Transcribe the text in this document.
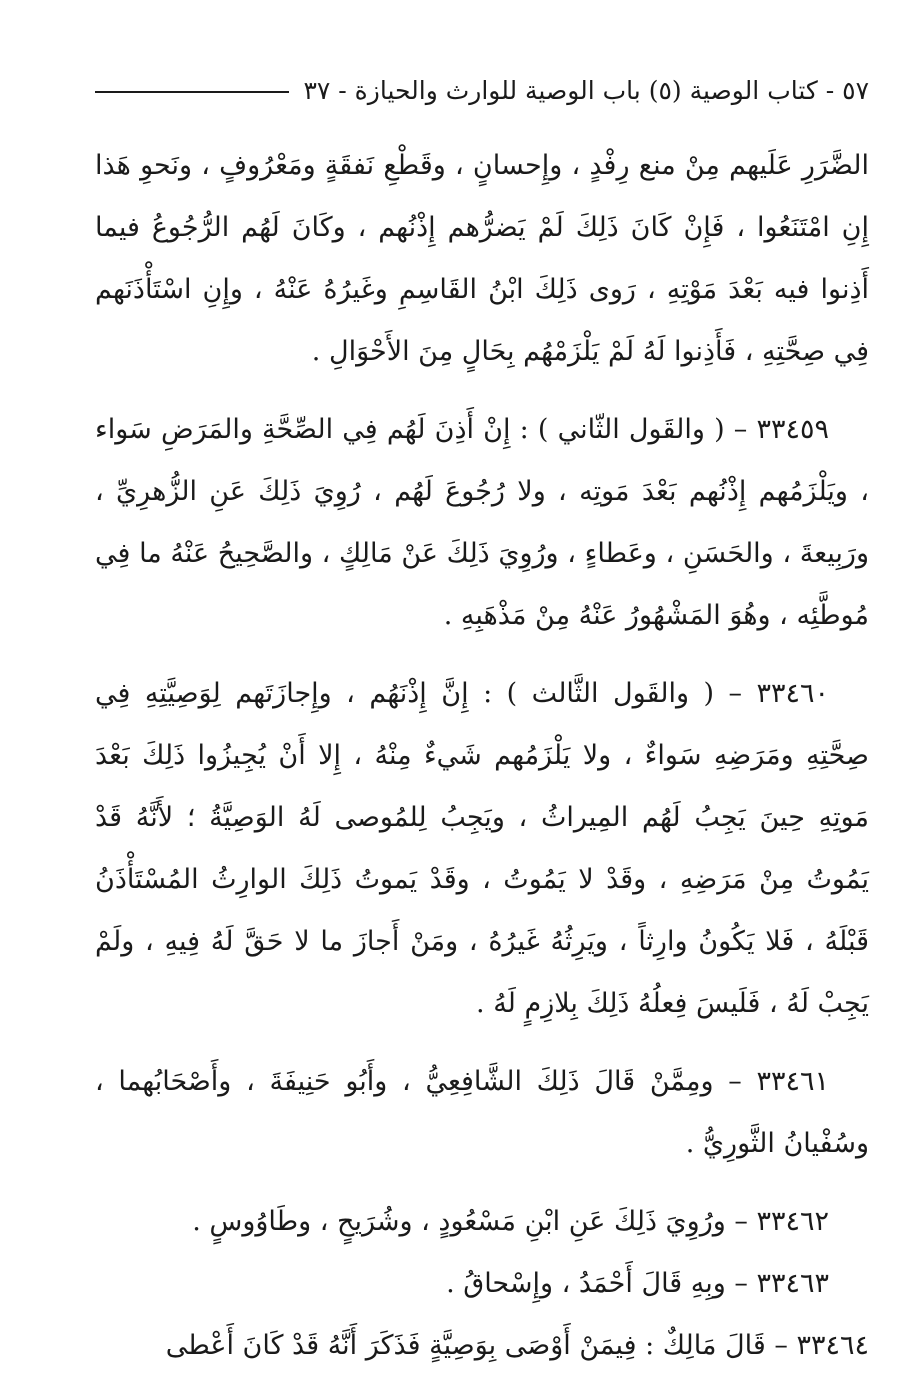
٥٧ - كتاب الوصية (٥) باب الوصية للوارث والحيازة - ٣٧

الضَّرَرِ عَلَيهم مِنْ منع رِفْدٍ ، وإِحسانٍ ، وقَطْعِ نَفقَةٍ ومَعْرُوفٍ ، ونَحوِ هَذا إِنِ امْتَنَعُوا ، فَإِنْ كَانَ ذَلِكَ لَمْ يَضرُّهم إِذْنُهم ، وكَانَ لَهُم الرُّجُوعُ فيما أَذِنوا فيه بَعْدَ مَوْتِهِ ، رَوى ذَلِكَ ابْنُ القَاسِمِ وغَيرُهُ عَنْهُ ، وإِنِ اسْتَأْذَنَهم فِي صِحَّتِهِ ، فَأَذِنوا لَهُ لَمْ يَلْزَمْهُم بِحَالٍ مِنَ الأَحْوَالِ .

٣٣٤٥٩ – ( والقَول الثّاني ) : إِنْ أَذِنَ لَهُم فِي الصِّحَّةِ والمَرَضِ سَواء ، ويَلْزَمُهم إِذْنُهم بَعْدَ مَوتِه ، ولا رُجُوعَ لَهُم ، رُوِيَ ذَلِكَ عَنِ الزُّهرِيِّ ، ورَبِيعةَ ، والحَسَنِ ، وعَطاءٍ ، ورُوِيَ ذَلِكَ عَنْ مَالِكٍ ، والصَّحِيحُ عَنْهُ ما فِي مُوطَّئِه ، وهُوَ المَشْهُورُ عَنْهُ مِنْ مَذْهَبِهِ .

٣٣٤٦٠ – ( والقَول الثَّالث ) : إِنَّ إِذْنَهُم ، وإِجازَتَهم لِوَصِيَّتِهِ فِي صِحَّتِهِ ومَرَضِهِ سَواءٌ ، ولا يَلْزَمُهم شَيءٌ مِنْهُ ، إِلا أَنْ يُجِيزُوا ذَلِكَ بَعْدَ مَوتِهِ حِينَ يَجِبُ لَهُم المِيراثُ ، ويَجِبُ لِلمُوصى لَهُ الوَصِيَّةُ ؛ لأَنَّهُ قَدْ يَمُوتُ مِنْ مَرَضِهِ ، وقَدْ لا يَمُوتُ ، وقَدْ يَموتُ ذَلِكَ الوارِثُ المُسْتَأْذَنُ قَبْلَهُ ، فَلا يَكُونُ وارِثاً ، ويَرِثُهُ غَيرُهُ ، ومَنْ أَجازَ ما لا حَقَّ لَهُ فِيهِ ، ولَمْ يَجِبْ لَهُ ، فَلَيسَ فِعلُهُ ذَلِكَ بِلازِمٍ لَهُ .

٣٣٤٦١ – ومِمَّنْ قَالَ ذَلِكَ الشَّافِعِيُّ ، وأَبُو حَنِيفَةَ ، وأَصْحَابُهما ، وسُفْيانُ الثَّورِيُّ .

٣٣٤٦٢ – ورُوِيَ ذَلِكَ عَنِ ابْنِ مَسْعُودٍ ، وشُرَيحٍ ، وطَاوُوسٍ .

٣٣٤٦٣ – وبِهِ قَالَ أَحْمَدُ ، وإِسْحاقُ .

٣٣٤٦٤ – قَالَ مَالِكٌ : فِيمَنْ أَوْصَى بِوَصِيَّةٍ فَذَكَرَ أَنَّهُ قَدْ كَانَ أَعْطى
